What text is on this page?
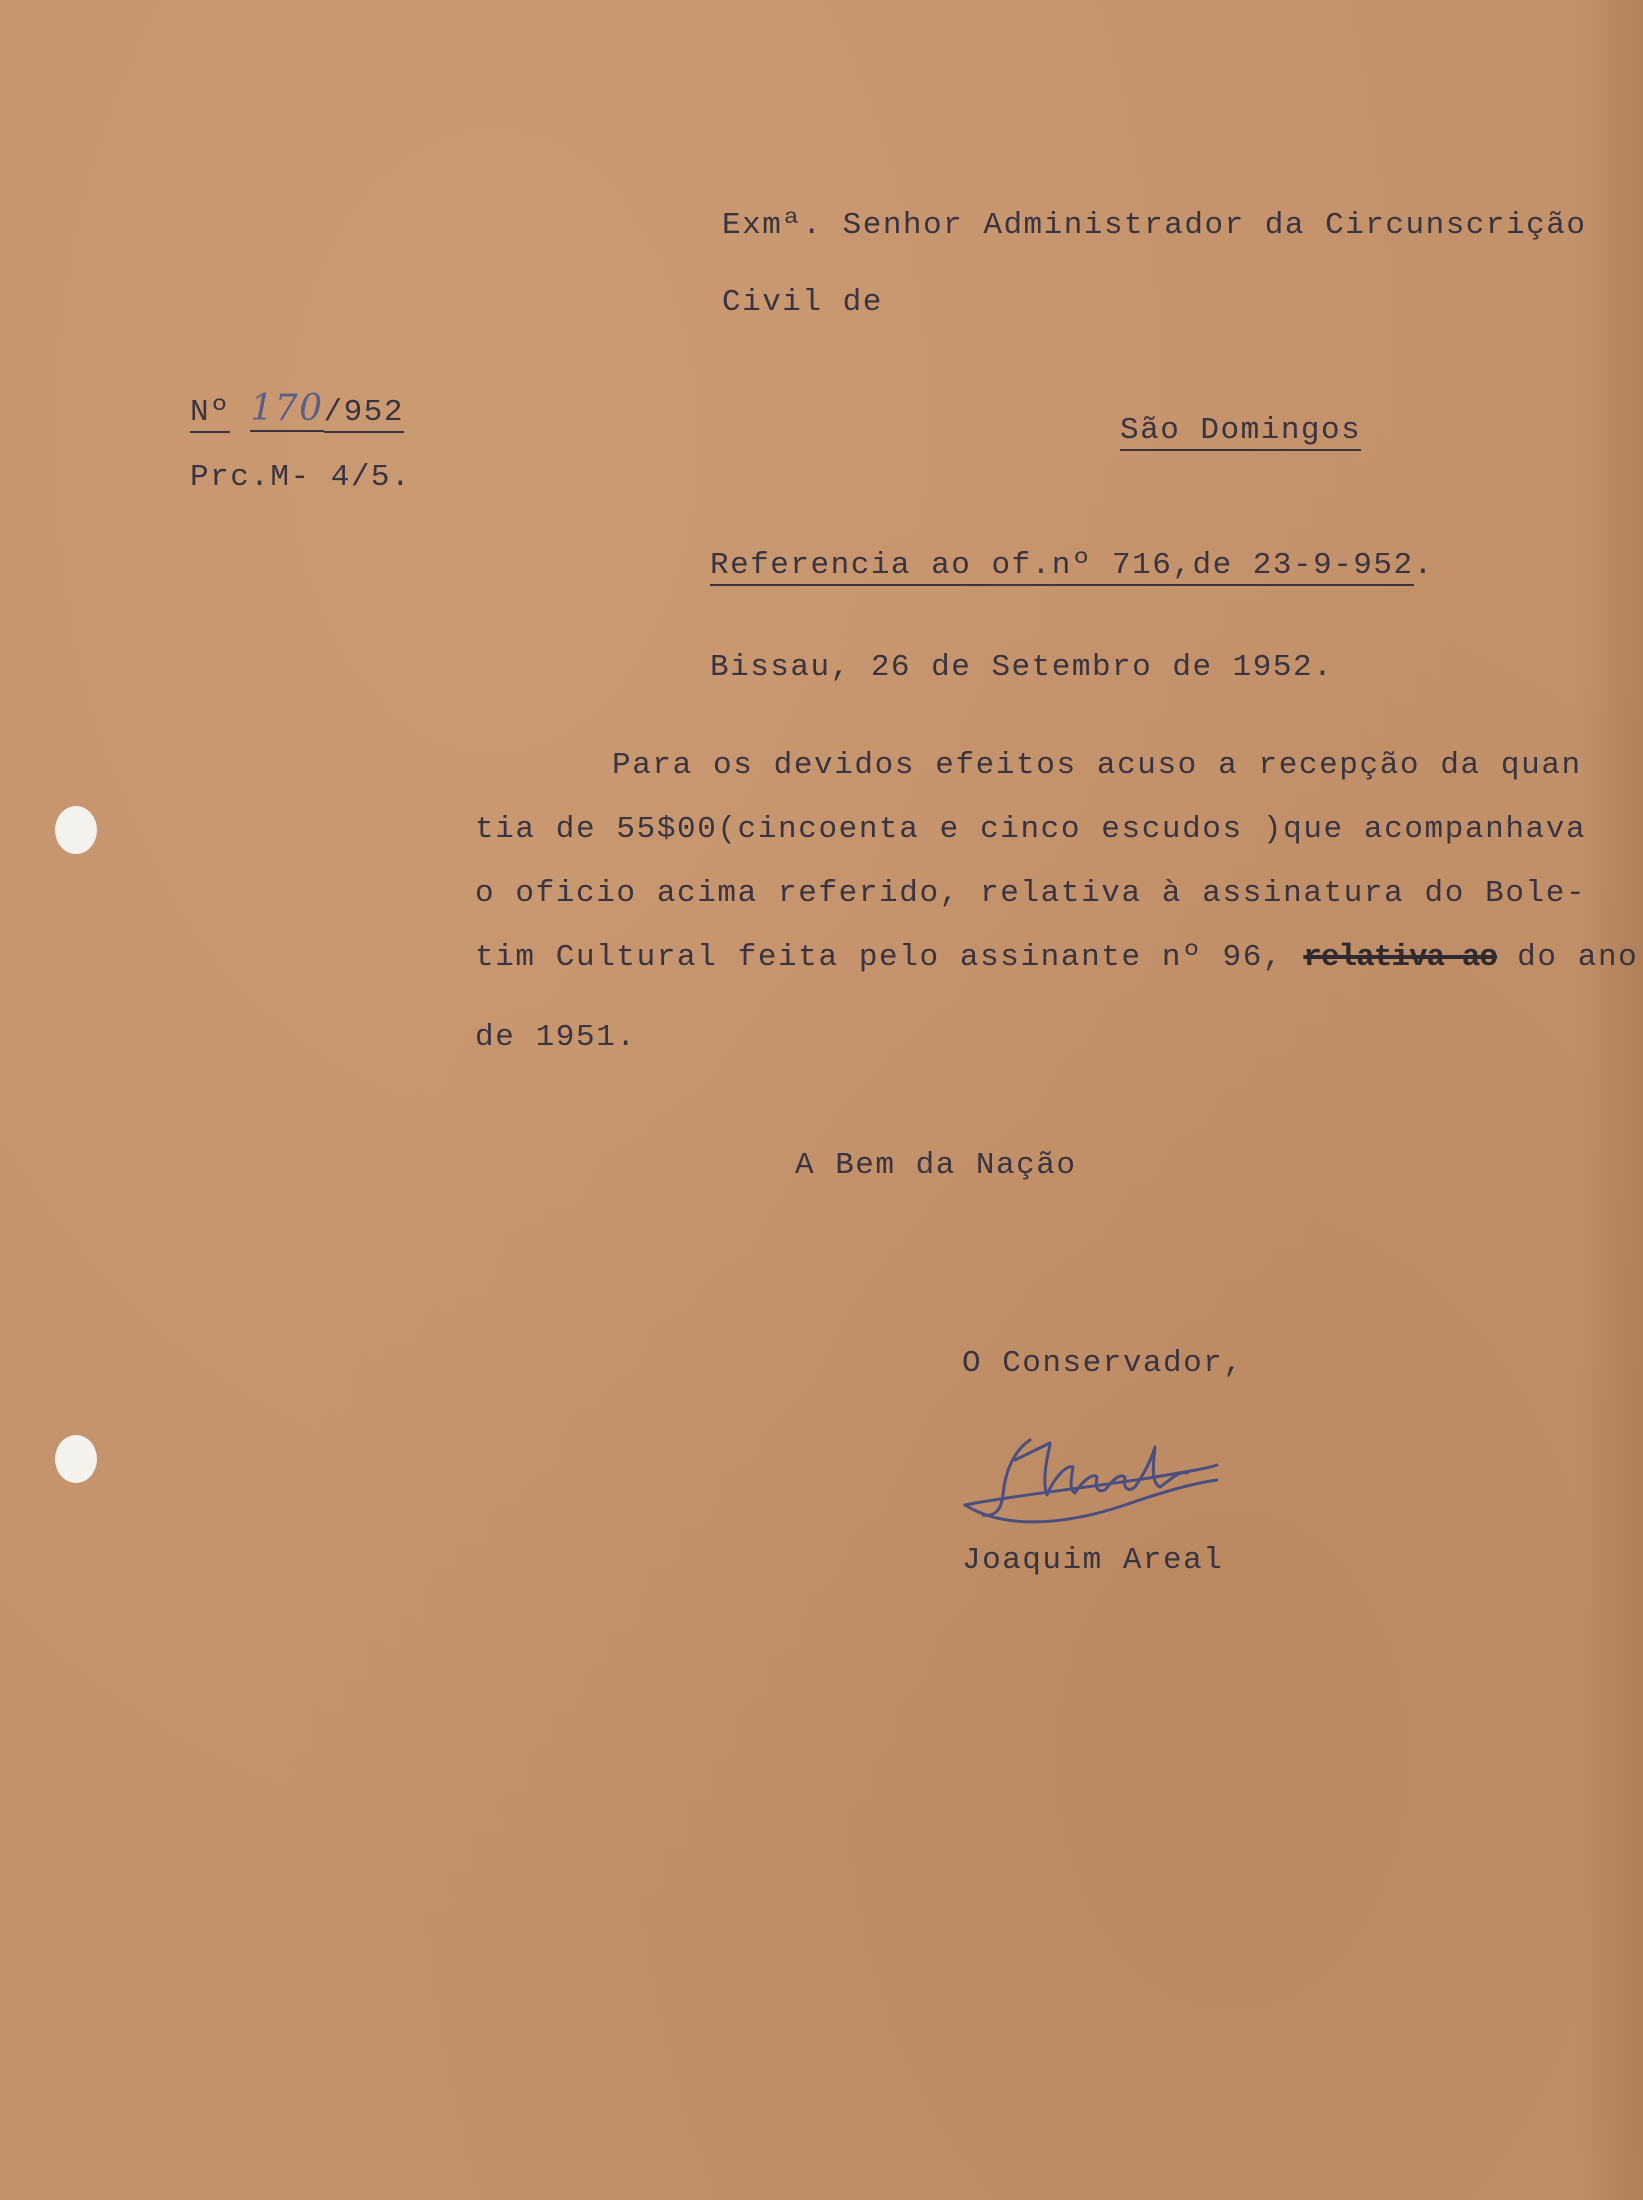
Exmª. Senhor Administrador da Circunscrição
Civil de
São Domingos
Nº 170/952
Prc.M- 4/5.
Referencia ao of.nº 716,de 23-9-952.
Bissau, 26 de Setembro de 1952.
Para os devidos efeitos acuso a recepção da quan
tia de 55$00(cincoenta e cinco escudos )que acompanhava
o oficio acima referido, relativa à assinatura do Bole-
tim Cultural feita pelo assinante nº 96, relativa ao do ano
de 1951.
A Bem da Nação
O Conservador,
Joaquim Areal
